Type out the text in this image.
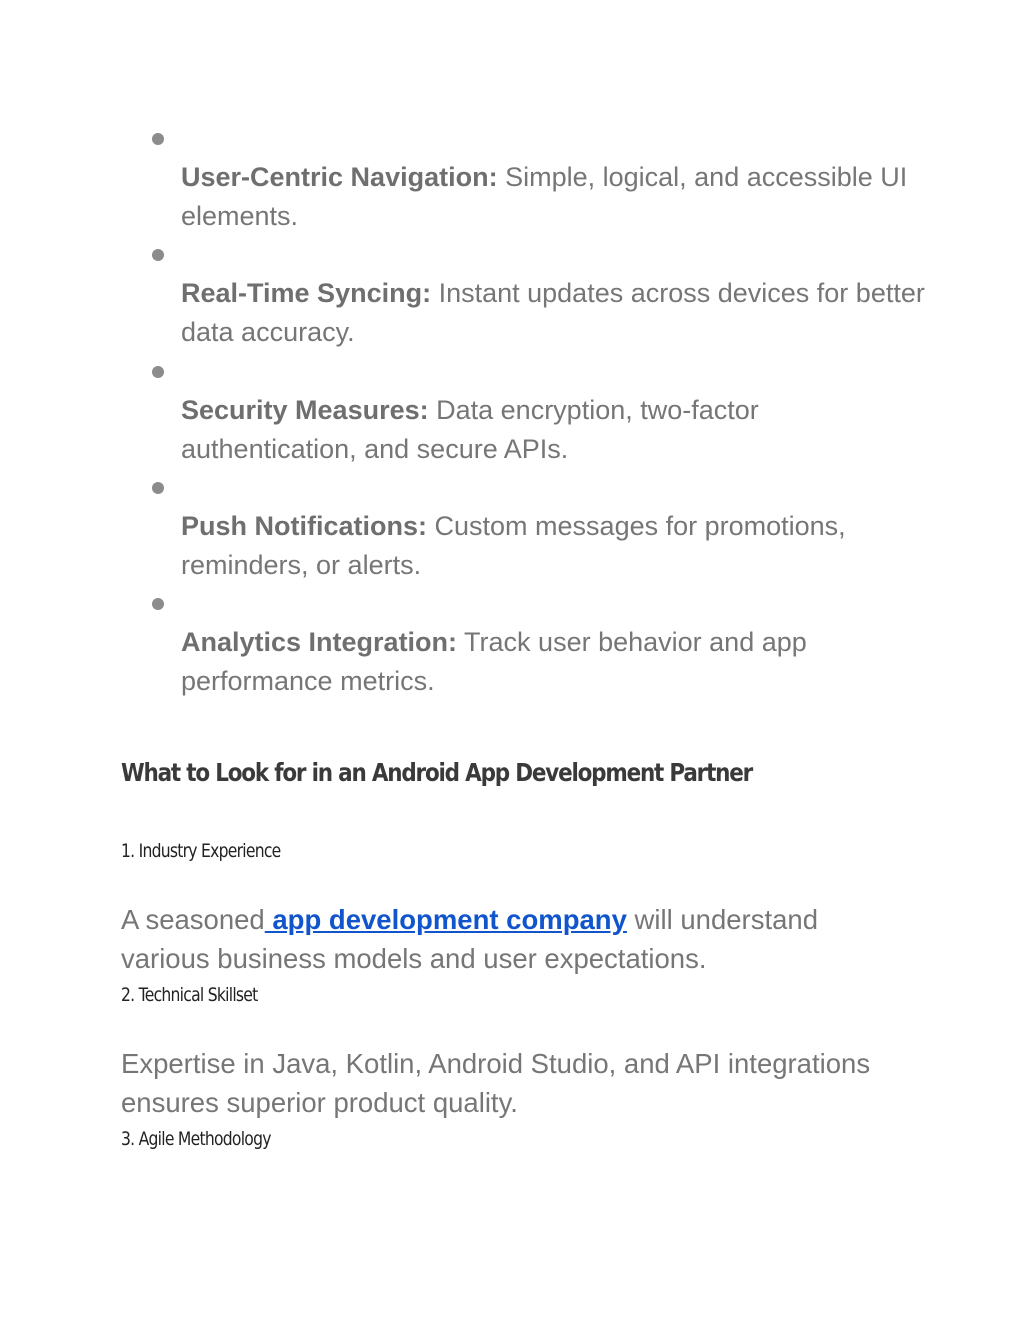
User-Centric Navigation: Simple, logical, and accessible UI elements.
Real-Time Syncing: Instant updates across devices for better data accuracy.
Security Measures: Data encryption, two-factor authentication, and secure APIs.
Push Notifications: Custom messages for promotions, reminders, or alerts.
Analytics Integration: Track user behavior and app performance metrics.
What to Look for in an Android App Development Partner
1. Industry Experience
A seasoned app development company will understand various business models and user expectations.
2. Technical Skillset
Expertise in Java, Kotlin, Android Studio, and API integrations ensures superior product quality.
3. Agile Methodology
